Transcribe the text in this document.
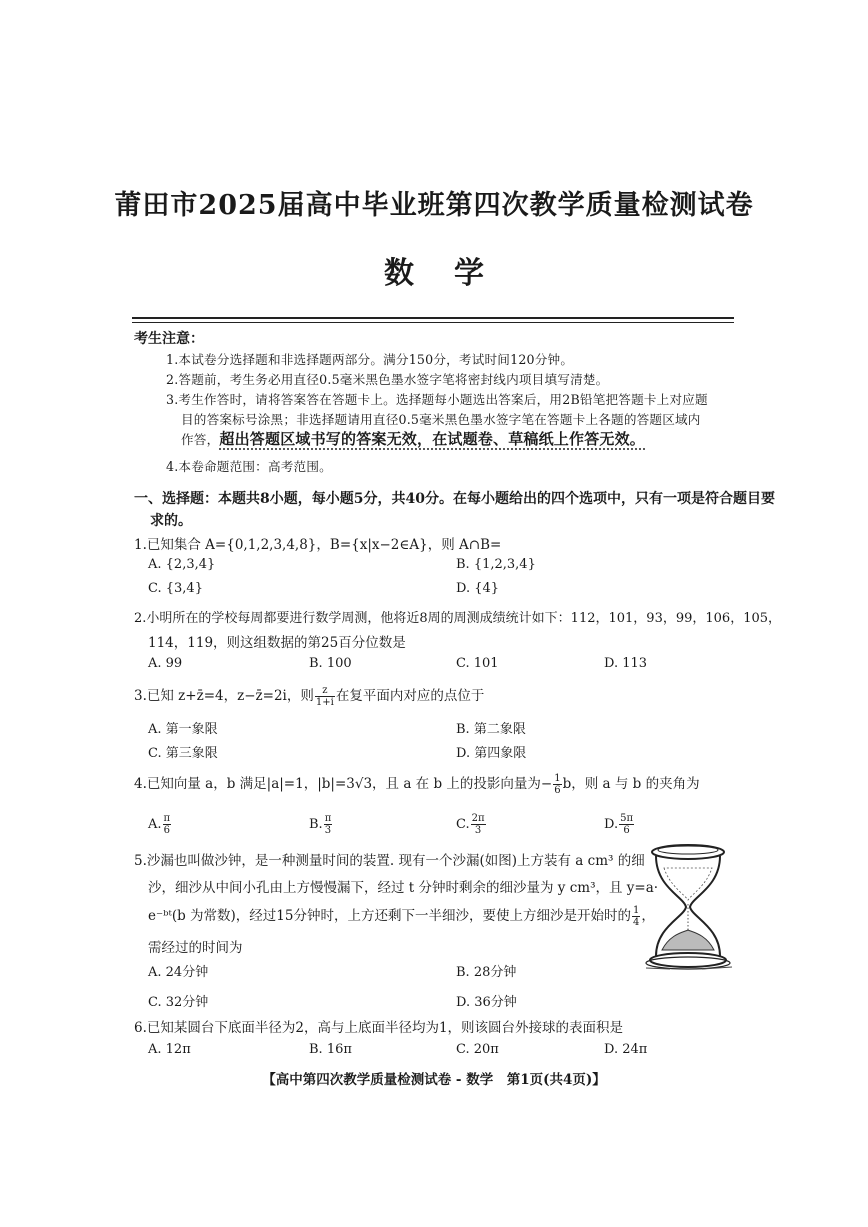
莆田市2025届高中毕业班第四次教学质量检测试卷
数学
考生注意：
1.本试卷分选择题和非选择题两部分。满分150分，考试时间120分钟。
2.答题前，考生务必用直径0.5毫米黑色墨水签字笔将密封线内项目填写清楚。
3.考生作答时，请将答案答在答题卡上。选择题每小题选出答案后，用2B铅笔把答题卡上对应题
目的答案标号涂黑；非选择题请用直径0.5毫米黑色墨水签字笔在答题卡上各题的答题区域内
作答，超出答题区域书写的答案无效，在试题卷、草稿纸上作答无效。
4.本卷命题范围：高考范围。
一、选择题：本题共8小题，每小题5分，共40分。在每小题给出的四个选项中，只有一项是符合题目要
求的。
1.已知集合 A={0,1,2,3,4,8}，B={x|x−2∈A}，则 A∩B=
A. {2,3,4}	B. {1,2,3,4}
C. {3,4}	D. {4}
2.小明所在的学校每周都要进行数学周测，他将近8周的周测成绩统计如下：112，101，93，99，106，105，
114，119，则这组数据的第25百分位数是
A. 99	B. 100	C. 101	D. 113
3.已知 z+z̄=4，z−z̄=2i，则 $\frac{z}{1+i}$ 在复平面内对应的点位于
A. 第一象限	B. 第二象限
C. 第三象限	D. 第四象限
4.已知向量 a，b 满足|a|=1，|b|=3√3，且 a 在 b 上的投影向量为− $\frac{1}{6}$ b，则 a 与 b 的夹角为
A. $\frac{\pi}{6}$	B. $\frac{\pi}{3}$	C. $\frac{2\pi}{3}$	D. $\frac{5\pi}{6}$
5.沙漏也叫做沙钟，是一种测量时间的装置. 现有一个沙漏(如图)上方装有 a cm³ 的细
沙，细沙从中间小孔由上方慢慢漏下，经过 t 分钟时剩余的细沙量为 y cm³，且 y=a·
e⁻ᵇᵗ(b 为常数)，经过15分钟时，上方还剩下一半细沙，要使上方细沙是开始时的 $\frac{1}{4}$ ，
需经过的时间为
A. 24分钟	B. 28分钟
C. 32分钟	D. 36分钟
6.已知某圆台下底面半径为2，高与上底面半径均为1，则该圆台外接球的表面积是
A. 12π	B. 16π	C. 20π	D. 24π
【高中第四次教学质量检测试卷 - 数学　第1页(共4页)】
